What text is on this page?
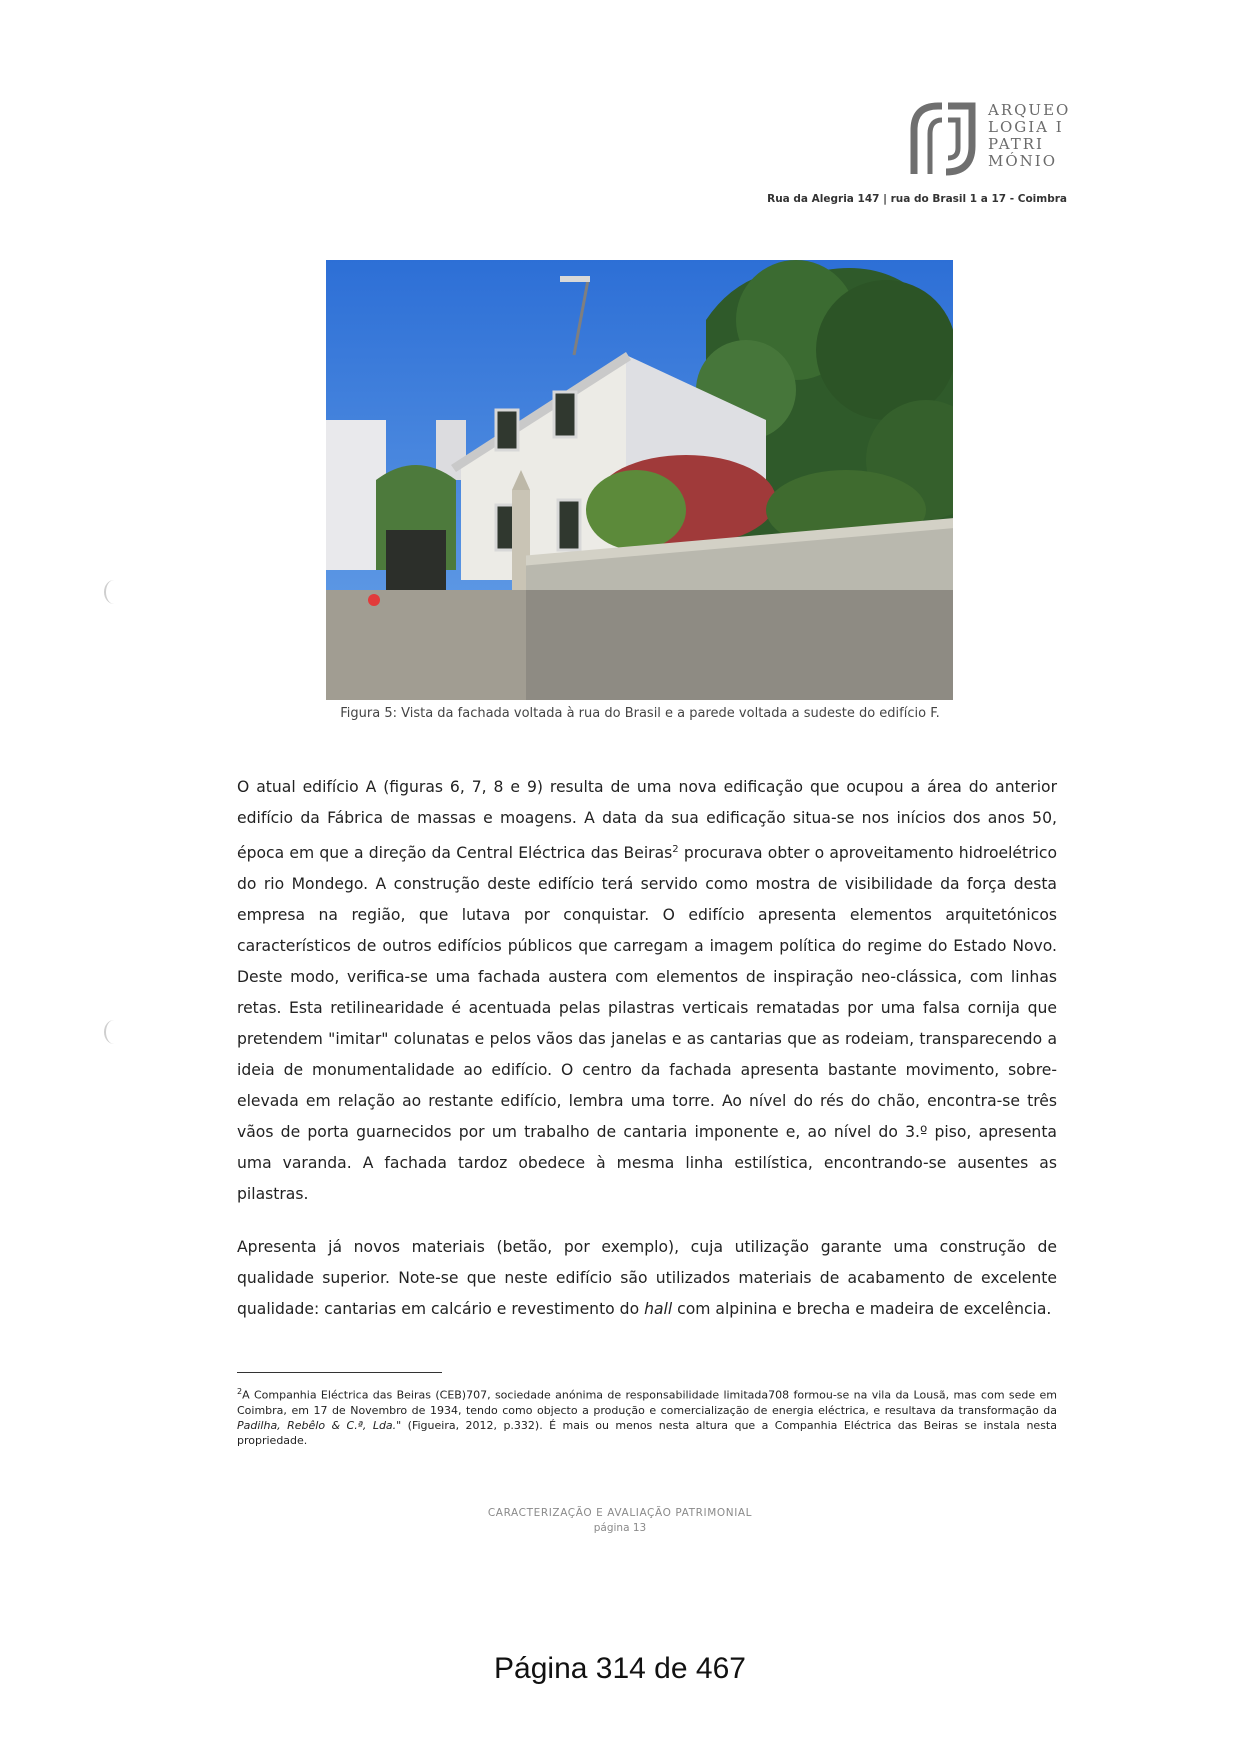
ARQUEO
LOGIA I
PATRI
MÓNIO
Rua da Alegria 147 | rua do Brasil 1 a 17 - Coimbra
Figura 5: Vista da fachada voltada à rua do Brasil e a parede voltada a sudeste do edifício F.
O atual edifício A (figuras 6, 7, 8 e 9) resulta de uma nova edificação que ocupou a área do anterior edifício da Fábrica de massas e moagens. A data da sua edificação situa-se nos inícios dos anos 50, época em que a direção da Central Eléctrica das Beiras$^2$ procurava obter o aproveitamento hidroelétrico do rio Mondego. A construção deste edifício terá servido como mostra de visibilidade da força desta empresa na região, que lutava por conquistar. O edifício apresenta elementos arquitetónicos característicos de outros edifícios públicos que carregam a imagem política do regime do Estado Novo. Deste modo, verifica-se uma fachada austera com elementos de inspiração neo-clássica, com linhas retas. Esta retilinearidade é acentuada pelas pilastras verticais rematadas por uma falsa cornija que pretendem "imitar" colunatas e pelos vãos das janelas e as cantarias que as rodeiam, transparecendo a ideia de monumentalidade ao edifício. O centro da fachada apresenta bastante movimento, sobre-elevada em relação ao restante edifício, lembra uma torre. Ao nível do rés do chão, encontra-se três vãos de porta guarnecidos por um trabalho de cantaria imponente e, ao nível do 3.º piso, apresenta uma varanda. A fachada tardoz obedece à mesma linha estilística, encontrando-se ausentes as pilastras.
Apresenta já novos materiais (betão, por exemplo), cuja utilização garante uma construção de qualidade superior. Note-se que neste edifício são utilizados materiais de acabamento de excelente qualidade: cantarias em calcário e revestimento do hall com alpinina e brecha e madeira de excelência.
$^2$A Companhia Eléctrica das Beiras (CEB)707, sociedade anónima de responsabilidade limitada708 formou-se na vila da Lousã, mas com sede em Coimbra, em 17 de Novembro de 1934, tendo como objecto a produção e comercialização de energia eléctrica, e resultava da transformação da Padilha, Rebêlo & C.ª, Lda." (Figueira, 2012, p.332). É mais ou menos nesta altura que a Companhia Eléctrica das Beiras se instala nesta propriedade.
CARACTERIZAÇÃO E AVALIAÇÃO PATRIMONIAL
página 13
Página 314 de 467
